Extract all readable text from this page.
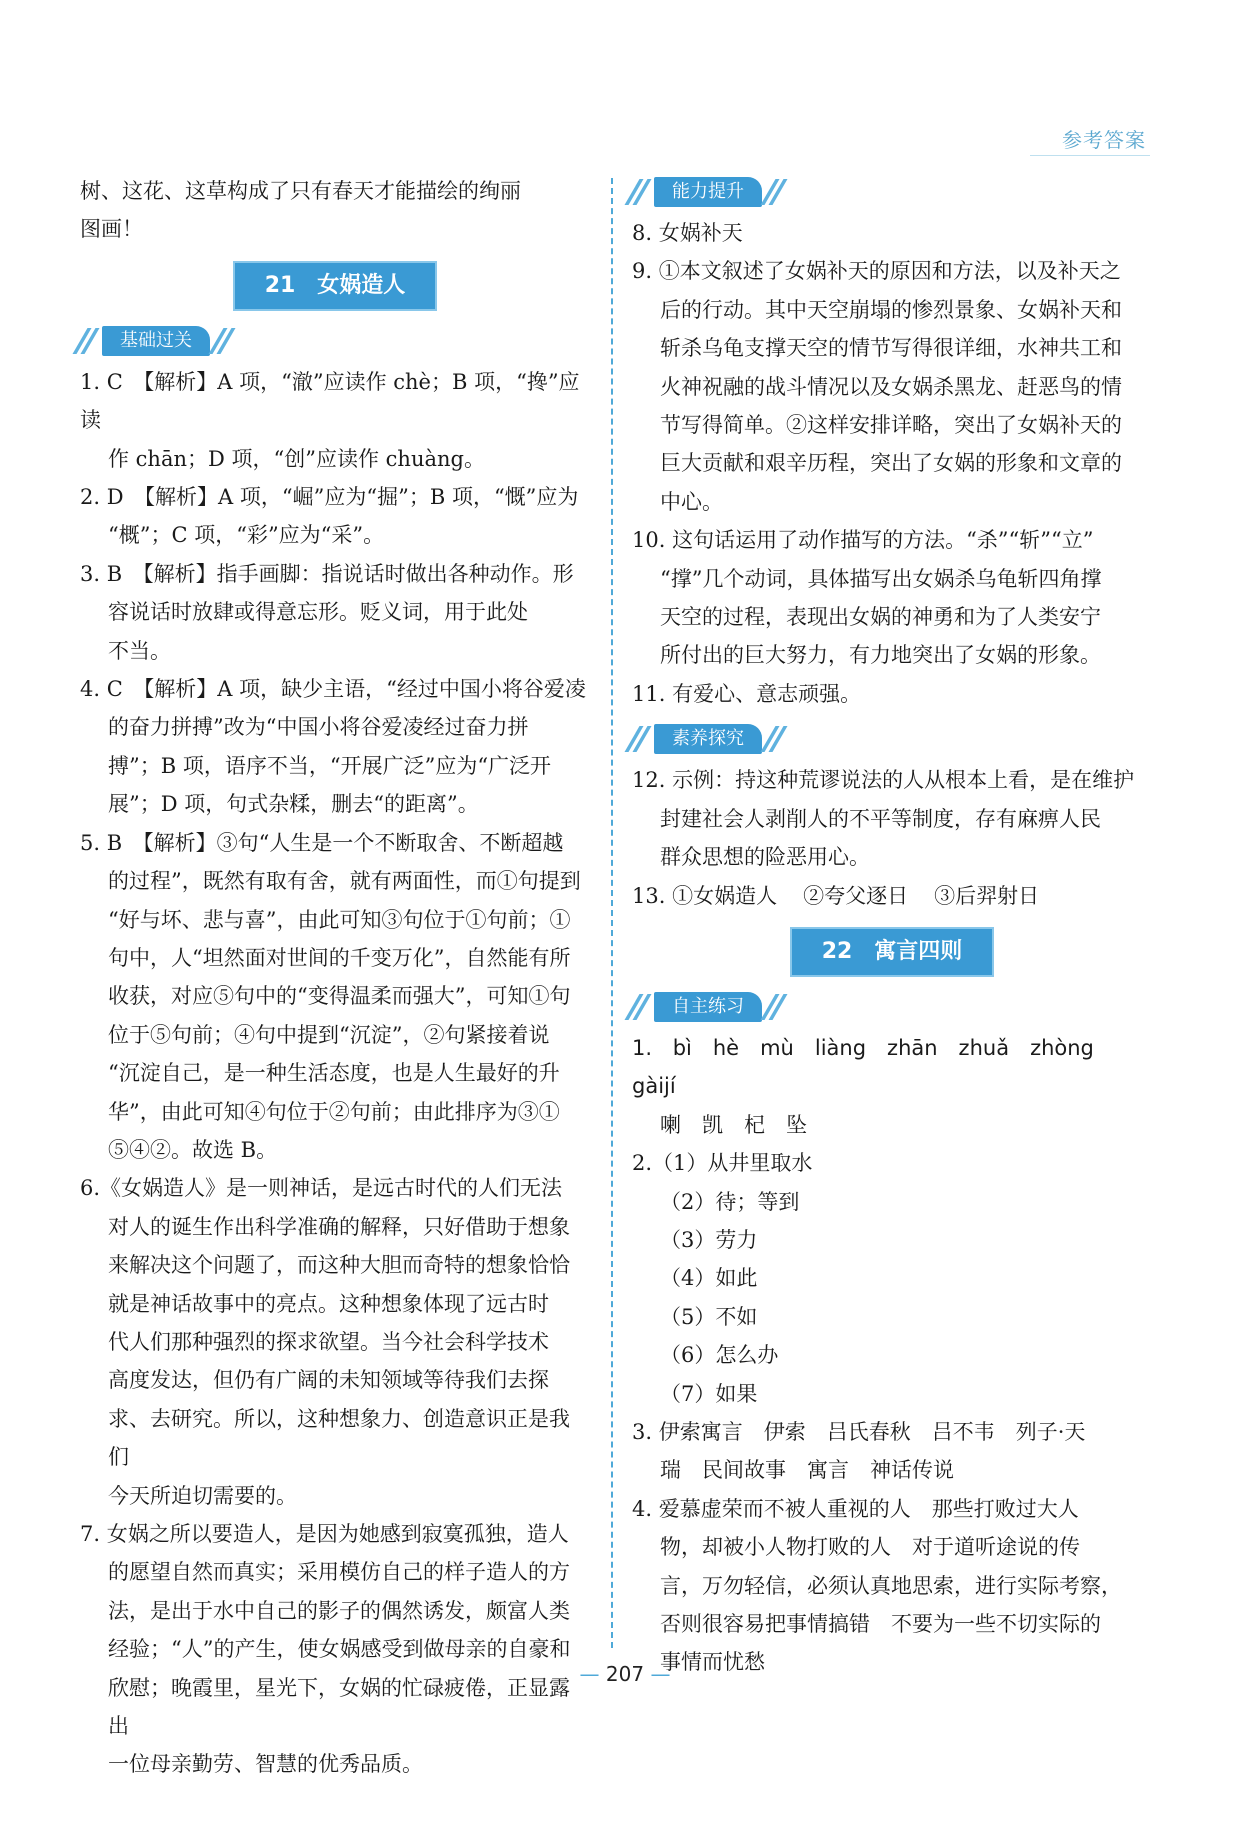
参考答案

树、这花、这草构成了只有春天才能描绘的绚丽

图画！

21　女娲造人
基础过关

1. C　【解析】A 项，“澈”应读作 chè；B 项，“搀”应读

作 chān；D 项，“创”应读作 chuàng。

2. D　【解析】A 项，“崛”应为“掘”；B 项，“慨”应为

“概”；C 项，“彩”应为“采”。

3. B　【解析】指手画脚：指说话时做出各种动作。形

容说话时放肆或得意忘形。贬义词，用于此处

不当。

4. C　【解析】A 项，缺少主语，“经过中国小将谷爱凌

的奋力拼搏”改为“中国小将谷爱凌经过奋力拼

搏”；B 项，语序不当，“开展广泛”应为“广泛开

展”；D 项，句式杂糅，删去“的距离”。

5. B　【解析】③句“人生是一个不断取舍、不断超越

的过程”，既然有取有舍，就有两面性，而①句提到

“好与坏、悲与喜”，由此可知③句位于①句前；①

句中，人“坦然面对世间的千变万化”，自然能有所

收获，对应⑤句中的“变得温柔而强大”，可知①句

位于⑤句前；④句中提到“沉淀”，②句紧接着说

“沉淀自己，是一种生活态度，也是人生最好的升

华”，由此可知④句位于②句前；由此排序为③①

⑤④②。故选 B。

6.《女娲造人》是一则神话，是远古时代的人们无法

对人的诞生作出科学准确的解释，只好借助于想象

来解决这个问题了，而这种大胆而奇特的想象恰恰

就是神话故事中的亮点。这种想象体现了远古时

代人们那种强烈的探求欲望。当今社会科学技术

高度发达，但仍有广阔的未知领域等待我们去探

求、去研究。所以，这种想象力、创造意识正是我们

今天所迫切需要的。

7. 女娲之所以要造人，是因为她感到寂寞孤独，造人

的愿望自然而真实；采用模仿自己的样子造人的方

法，是出于水中自己的影子的偶然诱发，颇富人类

经验；“人”的产生，使女娲感受到做母亲的自豪和

欣慰；晚霞里，星光下，女娲的忙碌疲倦，正显露出

一位母亲勤劳、智慧的优秀品质。

能力提升

8. 女娲补天

9. ①本文叙述了女娲补天的原因和方法，以及补天之

后的行动。其中天空崩塌的惨烈景象、女娲补天和

斩杀乌龟支撑天空的情节写得很详细，水神共工和

火神祝融的战斗情况以及女娲杀黑龙、赶恶鸟的情

节写得简单。②这样安排详略，突出了女娲补天的

巨大贡献和艰辛历程，突出了女娲的形象和文章的

中心。

10. 这句话运用了动作描写的方法。“杀”“斩”“立”

“撑”几个动词，具体描写出女娲杀乌龟斩四角撑

天空的过程，表现出女娲的神勇和为了人类安宁

所付出的巨大努力，有力地突出了女娲的形象。

11. 有爱心、意志顽强。

素养探究

12. 示例：持这种荒谬说法的人从根本上看，是在维护

封建社会人剥削人的不平等制度，存有麻痹人民

群众思想的险恶用心。

13. ①女娲造人 ②夸父逐日 ③后羿射日

22　寓言四则
自主练习

1. bì　hè　mù　liàng　zhān　zhuǎ　zhòng　gàijí

喇　凯　杞　坠

2.（1）从井里取水

（2）待；等到

（3）劳力

（4）如此

（5）不如

（6）怎么办

（7）如果

3. 伊索寓言　伊索　吕氏春秋　吕不韦　列子·天

瑞　民间故事　寓言　神话传说

4. 爱慕虚荣而不被人重视的人　那些打败过大人

物，却被小人物打败的人　对于道听途说的传

言，万勿轻信，必须认真地思索，进行实际考察，

否则很容易把事情搞错　不要为一些不切实际的

事情而忧愁

— 207 —
